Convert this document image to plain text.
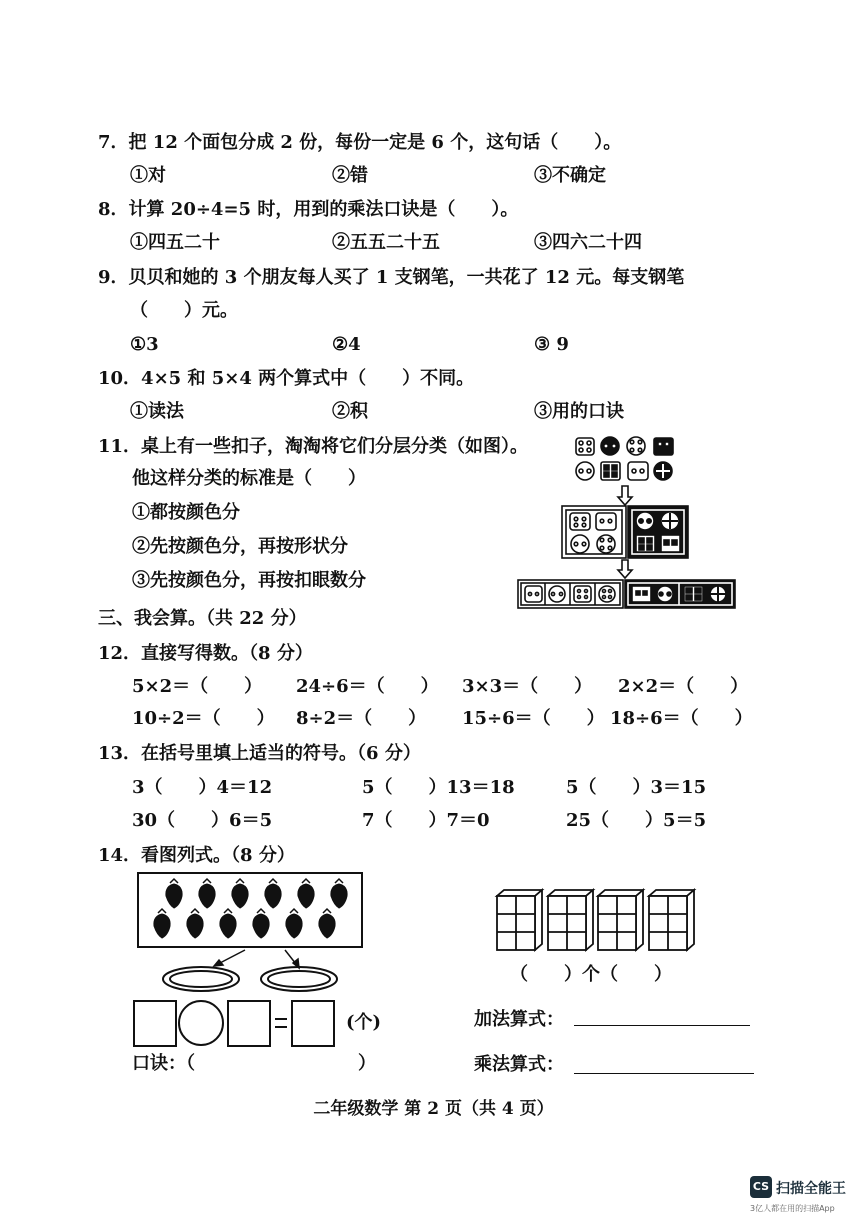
7．把 12 个面包分成 2 份，每份一定是 6 个，这句话（　　）。
①对	②错	③不确定
8．计算 20÷4=5 时，用到的乘法口诀是（　　）。
①四五二十	②五五二十五	③四六二十四
9．贝贝和她的 3 个朋友每人买了 1 支钢笔，一共花了 12 元。每支钢笔
（　　）元。
①3	②4	③ 9
10．4×5 和 5×4 两个算式中（　　）不同。
①读法	②积	③用的口诀
11．桌上有一些扣子，淘淘将它们分层分类（如图）。
他这样分类的标准是（　　）
①都按颜色分
②先按颜色分，再按形状分
③先按颜色分，再按扣眼数分
三、我会算。（共 22 分）
12．直接写得数。（8 分）
5×2＝（　　） 24÷6＝（　　） 3×3＝（　　） 2×2＝（　　）
10÷2＝（　　） 8÷2＝（　　） 15÷6＝（　　） 18÷6＝（　　）
13．在括号里填上适当的符号。（6 分）
3（　　）4＝12	5（　　）13＝18	5（　　）3＝15
30（　　）6＝5	7（　　）7＝0	25（　　）5＝5
14．看图列式。（8 分）
(个)
口诀：（	）
（　　）个（　　）
加法算式：
乘法算式：
二年级数学 第 2 页（共 4 页）
CS 扫描全能王
3亿人都在用的扫描App
